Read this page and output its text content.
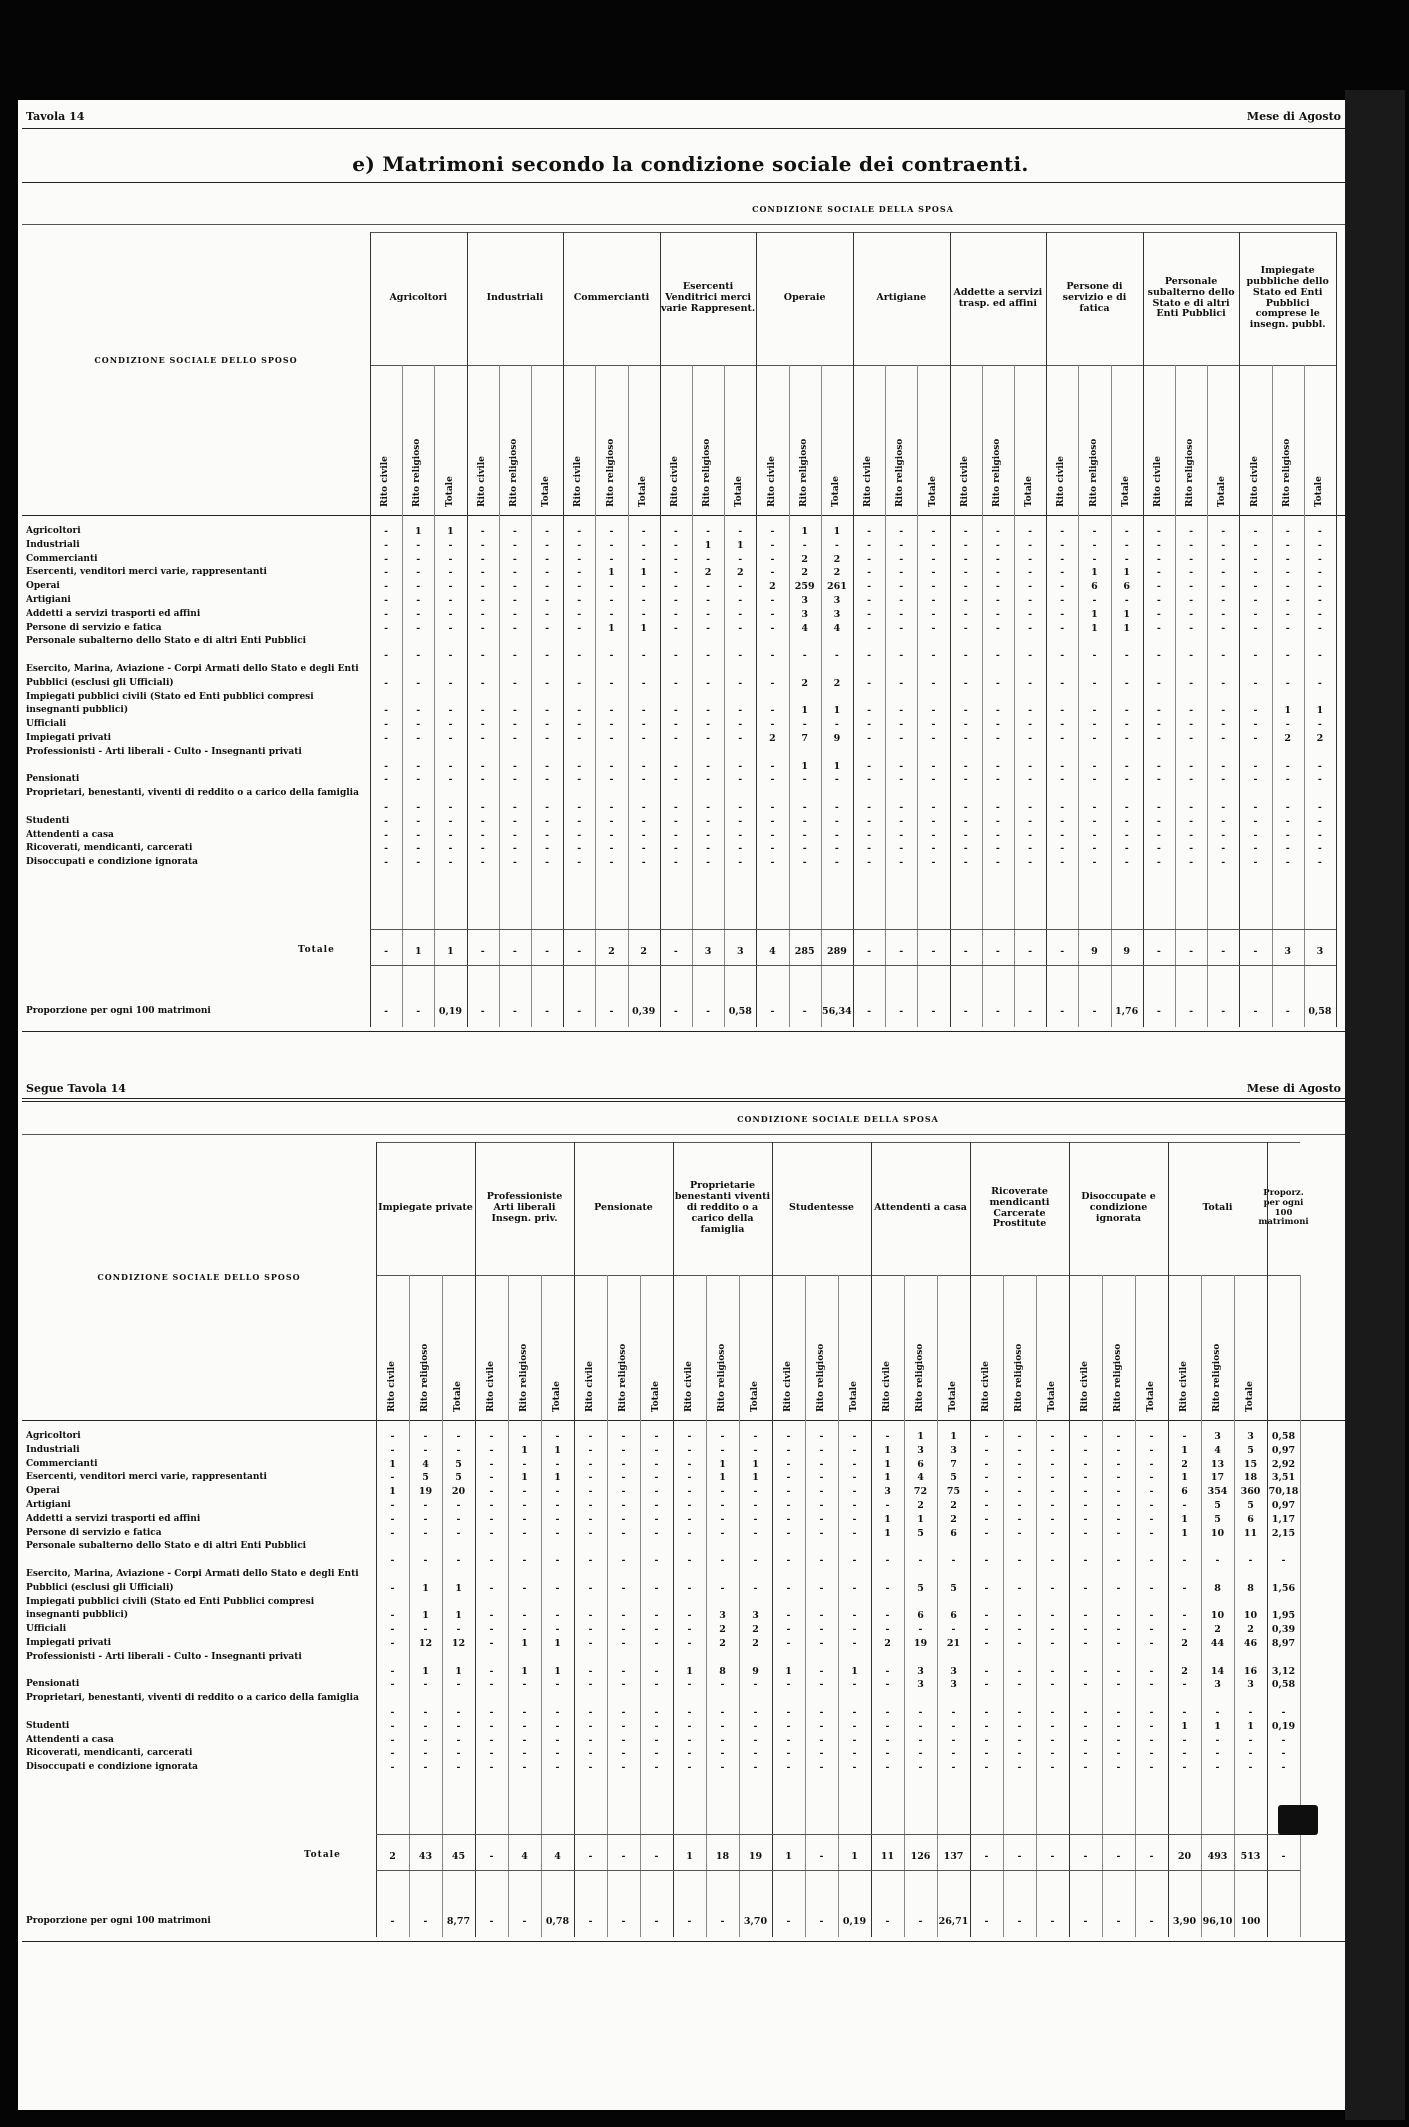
Tavola 14	Mese di Agosto
e) Matrimoni secondo la condizione sociale dei contraenti.
CONDIZIONE SOCIALE DELLA SPOSA
CONDIZIONE SOCIALE DELLO SPOSO
Agricoltori	Industriali	Commercianti
Esercenti Venditrici merci varie Rappresent.
Operaie	Artigiane	Addette a servizi trasp. ed affini
Persone di servizio e di fatica
Personale subalterno dello Stato e di altri Enti Pubblici
Impiegate pubbliche dello Stato ed Enti Pubblici comprese le insegn. pubbl.
Rito civile Rito religioso Totale Rito civile Rito religioso Totale Rito civile Rito religioso Totale Rito civile Rito religioso Totale Rito civile Rito religioso Totale Rito civile Rito religioso Totale Rito civile Rito religioso Totale Rito civile Rito religioso Totale Rito civile Rito religioso Totale Rito civile Rito religioso Totale
Agricoltori	-	1	1	-	-	-	-	-	-	-	-	-	-	1	1	-	-	-	-	-	-	-	-	-	-	-	-	-	-	-
Industriali	-	-	-	-	-	-	-	-	-	-	1	1	-	-	-	-	-	-	-	-	-	-	-	-	-	-	-	-	-	-
Commercianti	-	-	-	-	-	-	-	-	-	-	-	-	-	2	2	-	-	-	-	-	-	-	-	-	-	-	-	-	-	-
Esercenti, venditori merci varie, rappresentanti	-	-	-	-	-	-	-	1	1	-	2	2	-	2	2	-	-	-	-	-	-	-	1	1	-	-	-	-	-	-
Operai	-	-	-	-	-	-	-	-	-	-	-	-	2	259	261	-	-	-	-	-	-	-	6	6	-	-	-	-	-	-
Artigiani	-	-	-	-	-	-	-	-	-	-	-	-	-	3	3	-	-	-	-	-	-	-	-	-	-	-	-	-	-	-
Addetti a servizi trasporti ed affini	-	-	-	-	-	-	-	-	-	-	-	-	-	3	3	-	-	-	-	-	-	-	1	1	-	-	-	-	-	-
Persone di servizio e fatica	-	-	-	-	-	-	-	1	1	-	-	-	-	4	4	-	-	-	-	-	-	-	1	1	-	-	-	-	-	-
Personale subalterno dello Stato e di altri Enti Pubblici
-	-	-	-	-	-	-	-	-	-	-	-	-	-	-	-	-	-	-	-	-	-	-	-	-	-	-	-	-	-
Esercito, Marina, Aviazione - Corpi Armati dello Stato e degli Enti Pubblici (esclusi gli Ufficiali)	-	-	-	-	-	-	-	-	-	-	-	-	-	2	2	-	-	-	-	-	-	-	-	-	-	-	-	-	-	-
Impiegati pubblici civili (Stato ed Enti pubblici compresi insegnanti pubblici)	-	-	-	-	-	-	-	-	-	-	-	-	-	1	1	-	-	-	-	-	-	-	-	-	-	-	-	-	1	1
Ufficiali	-	-	-	-	-	-	-	-	-	-	-	-	-	-	-	-	-	-	-	-	-	-	-	-	-	-	-	-	-	-
Impiegati privati	-	-	-	-	-	-	-	-	-	-	-	-	2	7	9	-	-	-	-	-	-	-	-	-	-	-	-	-	2	2
Professionisti - Arti liberali - Culto - Insegnanti privati
-	-	-	-	-	-	-	-	-	-	-	-	-	1	1	-	-	-	-	-	-	-	-	-	-	-	-	-	-	-
Pensionati	-	-	-	-	-	-	-	-	-	-	-	-	-	-	-	-	-	-	-	-	-	-	-	-	-	-	-	-	-	-
Proprietari, benestanti, viventi di reddito o a carico della famiglia
-	-	-	-	-	-	-	-	-	-	-	-	-	-	-	-	-	-	-	-	-	-	-	-	-	-	-	-	-	-
Studenti	-	-	-	-	-	-	-	-	-	-	-	-	-	-	-	-	-	-	-	-	-	-	-	-	-	-	-	-	-	-
Attendenti a casa	-	-	-	-	-	-	-	-	-	-	-	-	-	-	-	-	-	-	-	-	-	-	-	-	-	-	-	-	-	-
Ricoverati, mendicanti, carcerati	-	-	-	-	-	-	-	-	-	-	-	-	-	-	-	-	-	-	-	-	-	-	-	-	-	-	-	-	-	-
Disoccupati e condizione ignorata	-	-	-	-	-	-	-	-	-	-	-	-	-	-	-	-	-	-	-	-	-	-	-	-	-	-	-	-	-	-
Totale	-	1	1	-	-	-	-	2	2	-	3	3	4	285	289	-	-	-	-	-	-	-	9	9	-	-	-	-	3	3
Proporzione per ogni 100 matrimoni	-	-	0,19	-	-	-	-	-	0,39	-	-	0,58	-	-	56,34	-	-	-	-	-	-	-	-	1,76	-	-	-	-	-	0,58
Segue Tavola 14	Mese di Agosto
CONDIZIONE SOCIALE DELLA SPOSA
CONDIZIONE SOCIALE DELLO SPOSO
Impiegate private
Professioniste Arti liberali Insegn. priv.
Pensionate
Proprietarie benestanti viventi di reddito o a carico della famiglia
Studentesse	Attendenti a casa
Ricoverate mendicanti Carcerate Prostitute
Disoccupate e condizione ignorata
Totali
Proporz. per ogni 100 matrimoni
Rito civile	Rito religioso	Totale	Rito civile	Rito religioso	Totale	Rito civile	Rito religioso	Totale	Rito civile	Rito religioso	Totale	Rito civile	Rito religioso	Totale	Rito civile	Rito religioso	Totale	Rito civile	Rito religioso	Totale	Rito civile	Rito religioso	Totale	Rito civile	Rito religioso	Totale
Agricoltori	-	-	-	-	-	-	-	-	-	-	-	-	-	-	-	-	1	1	-	-	-	-	-	-	-	3	3	0,58
Industriali	-	-	-	-	1	1	-	-	-	-	-	-	-	-	-	1	3	3	-	-	-	-	-	-	1	4	5	0,97
Commercianti	1	4	5	-	-	-	-	-	-	-	1	1	-	-	-	1	6	7	-	-	-	-	-	-	2	13	15	2,92
Esercenti, venditori merci varie, rappresentanti	-	5	5	-	1	1	-	-	-	-	1	1	-	-	-	1	4	5	-	-	-	-	-	-	1	17	18	3,51
Operai	1	19	20	-	-	-	-	-	-	-	-	-	-	-	-	3	72	75	-	-	-	-	-	-	6	354	360 70,18
Artigiani	-	-	-	-	-	-	-	-	-	-	-	-	-	-	-	-	2	2	-	-	-	-	-	-	-	5	5	0,97
Addetti a servizi trasporti ed affini	-	-	-	-	-	-	-	-	-	-	-	-	-	-	-	1	1	2	-	-	-	-	-	-	1	5	6	1,17
Persone di servizio e fatica	-	-	-	-	-	-	-	-	-	-	-	-	-	-	-	1	5	6	-	-	-	-	-	-	1	10	11	2,15
Personale subalterno dello Stato e di altri Enti Pubblici
-	-	-	-	-	-	-	-	-	-	-	-	-	-	-	-	-	-	-	-	-	-	-	-	-	-	-	-
Esercito, Marina, Aviazione - Corpi Armati dello Stato e degli Enti Pubblici (esclusi gli Ufficiali)	-	1	1	-	-	-	-	-	-	-	-	-	-	-	-	-	5	5	-	-	-	-	-	-	-	8	8	1,56
Impiegati pubblici civili (Stato ed Enti Pubblici compresi insegnanti pubblici)	-	1	1	-	-	-	-	-	-	-	3	3	-	-	-	-	6	6	-	-	-	-	-	-	-	10	10	1,95
Ufficiali	-	-	-	-	-	-	-	-	-	-	2	2	-	-	-	-	-	-	-	-	-	-	-	-	-	2	2	0,39
Impiegati privati	-	12	12	-	1	1	-	-	-	-	2	2	-	-	-	2	19	21	-	-	-	-	-	-	2	44	46	8,97
Professionisti - Arti liberali - Culto - Insegnanti privati
-	1	1	-	1	1	-	-	-	1	8	9	1	-	1	-	3	3	-	-	-	-	-	-	2	14	16	3,12
Pensionati	-	-	-	-	-	-	-	-	-	-	-	-	-	-	-	-	3	3	-	-	-	-	-	-	-	3	3	0,58
Proprietari, benestanti, viventi di reddito o a carico della famiglia
-	-	-	-	-	-	-	-	-	-	-	-	-	-	-	-	-	-	-	-	-	-	-	-	-	-	-	-
Studenti	-	-	-	-	-	-	-	-	-	-	-	-	-	-	-	-	-	-	-	-	-	-	-	-	1	1	1	0,19
Attendenti a casa	-	-	-	-	-	-	-	-	-	-	-	-	-	-	-	-	-	-	-	-	-	-	-	-	-	-	-	-
Ricoverati, mendicanti, carcerati	-	-	-	-	-	-	-	-	-	-	-	-	-	-	-	-	-	-	-	-	-	-	-	-	-	-	-	-
Disoccupati e condizione ignorata	-	-	-	-	-	-	-	-	-	-	-	-	-	-	-	-	-	-	-	-	-	-	-	-	-	-	-	-
Totale	2	43	45	-	4	4	-	-	-	1	18	19	1	-	1	11	126	137	-	-	-	-	-	-	20	493	513	-
Proporzione per ogni 100 matrimoni	-	-	8,77	-	-	0,78	-	-	-	-	-	3,70	-	-	0,19	-	-	26,71	-	-	-	-	-	-	3,90 96,10 100
